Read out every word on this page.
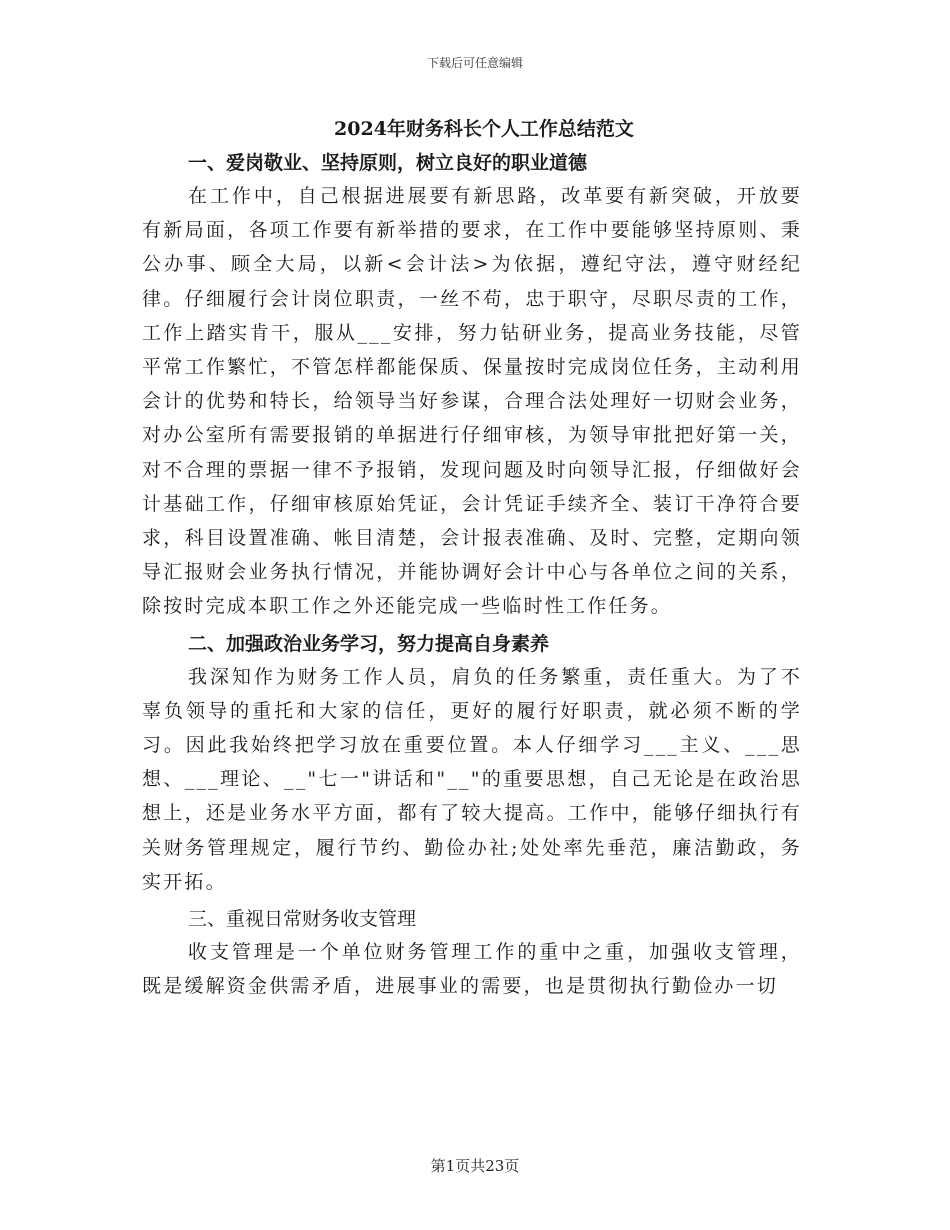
下载后可任意编辑
2024年财务科长个人工作总结范文
一、爱岗敬业、坚持原则，树立良好的职业道德

在工作中，自己根据进展要有新思路，改革要有新突破，开放要有新局面，各项工作要有新举措的要求，在工作中要能够坚持原则、秉公办事、顾全大局，以新<会计法>为依据，遵纪守法，遵守财经纪律。仔细履行会计岗位职责，一丝不苟，忠于职守，尽职尽责的工作，工作上踏实肯干，服从___安排，努力钻研业务，提高业务技能，尽管平常工作繁忙，不管怎样都能保质、保量按时完成岗位任务，主动利用会计的优势和特长，给领导当好参谋，合理合法处理好一切财会业务，对办公室所有需要报销的单据进行仔细审核，为领导审批把好第一关，对不合理的票据一律不予报销，发现问题及时向领导汇报，仔细做好会计基础工作，仔细审核原始凭证，会计凭证手续齐全、装订干净符合要求，科目设置准确、帐目清楚，会计报表准确、及时、完整，定期向领导汇报财会业务执行情况，并能协调好会计中心与各单位之间的关系，除按时完成本职工作之外还能完成一些临时性工作任务。

二、加强政治业务学习，努力提高自身素养

我深知作为财务工作人员，肩负的任务繁重，责任重大。为了不辜负领导的重托和大家的信任，更好的履行好职责，就必须不断的学习。因此我始终把学习放在重要位置。本人仔细学习___主义、___思想、___理论、__"七一"讲话和"__"的重要思想，自己无论是在政治思想上，还是业务水平方面，都有了较大提高。工作中，能够仔细执行有关财务管理规定，履行节约、勤俭办社;处处率先垂范，廉洁勤政，务实开拓。

三、重视日常财务收支管理

收支管理是一个单位财务管理工作的重中之重，加强收支管理，既是缓解资金供需矛盾，进展事业的需要，也是贯彻执行勤俭办一切

第1页共23页
